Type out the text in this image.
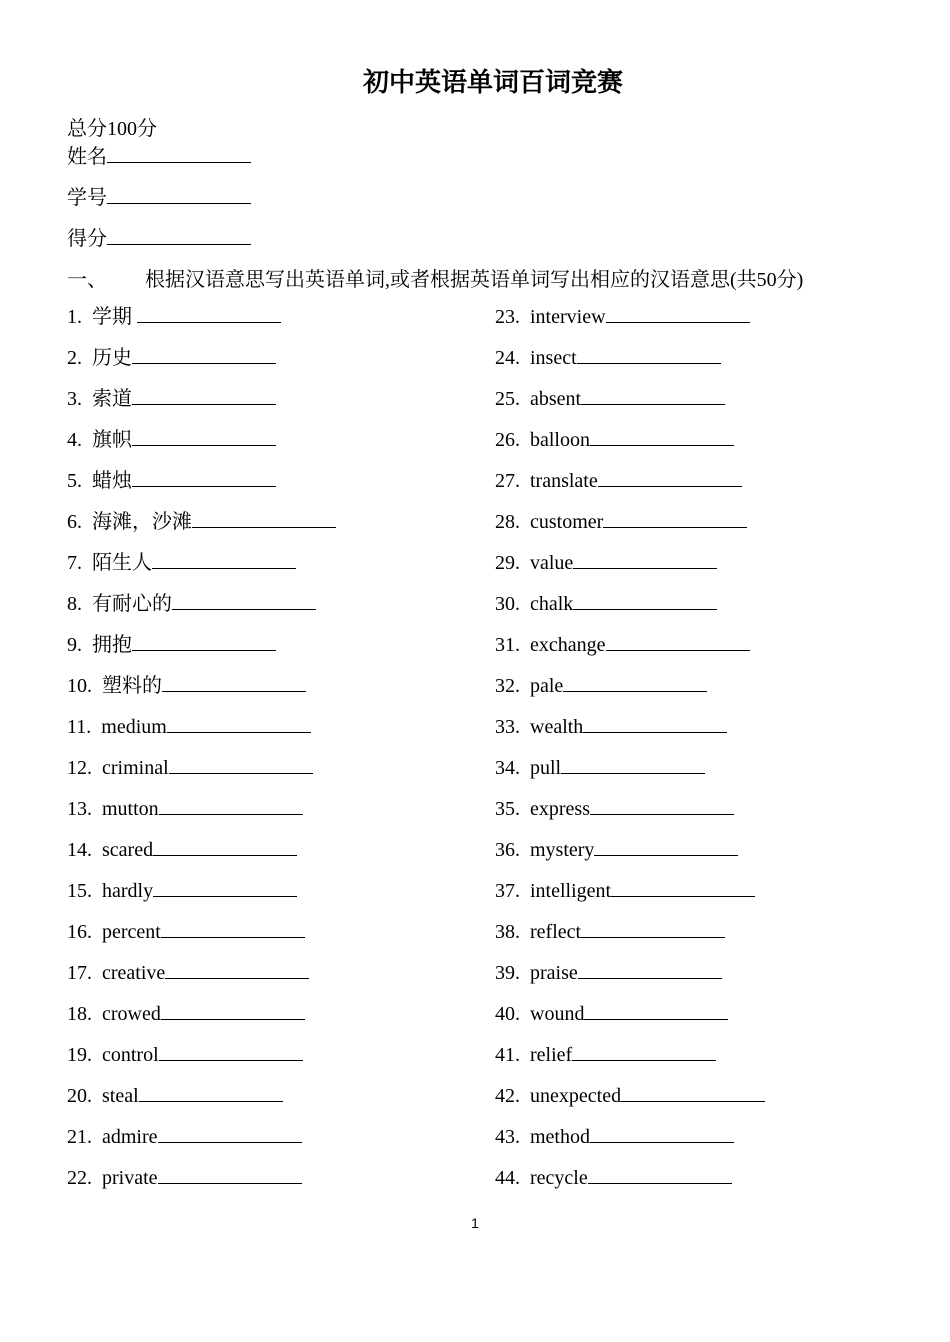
初中英语单词百词竞赛
总分100分
姓名
学号
得分
一、 根据汉语意思写出英语单词,或者根据英语单词写出相应的汉语意思(共50分)
1. 学期
2. 历史
3. 索道
4. 旗帜
5. 蜡烛
6. 海滩，沙滩
7. 陌生人
8. 有耐心的
9. 拥抱
10. 塑料的
11. medium
12. criminal
13. mutton
14. scared
15. hardly
16. percent
17. creative
18. crowed
19. control
20. steal
21. admire
22. private
23. interview
24. insect
25. absent
26. balloon
27. translate
28. customer
29. value
30. chalk
31. exchange
32. pale
33. wealth
34. pull
35. express
36. mystery
37. intelligent
38. reflect
39. praise
40. wound
41. relief
42. unexpected
43. method
44. recycle
1
